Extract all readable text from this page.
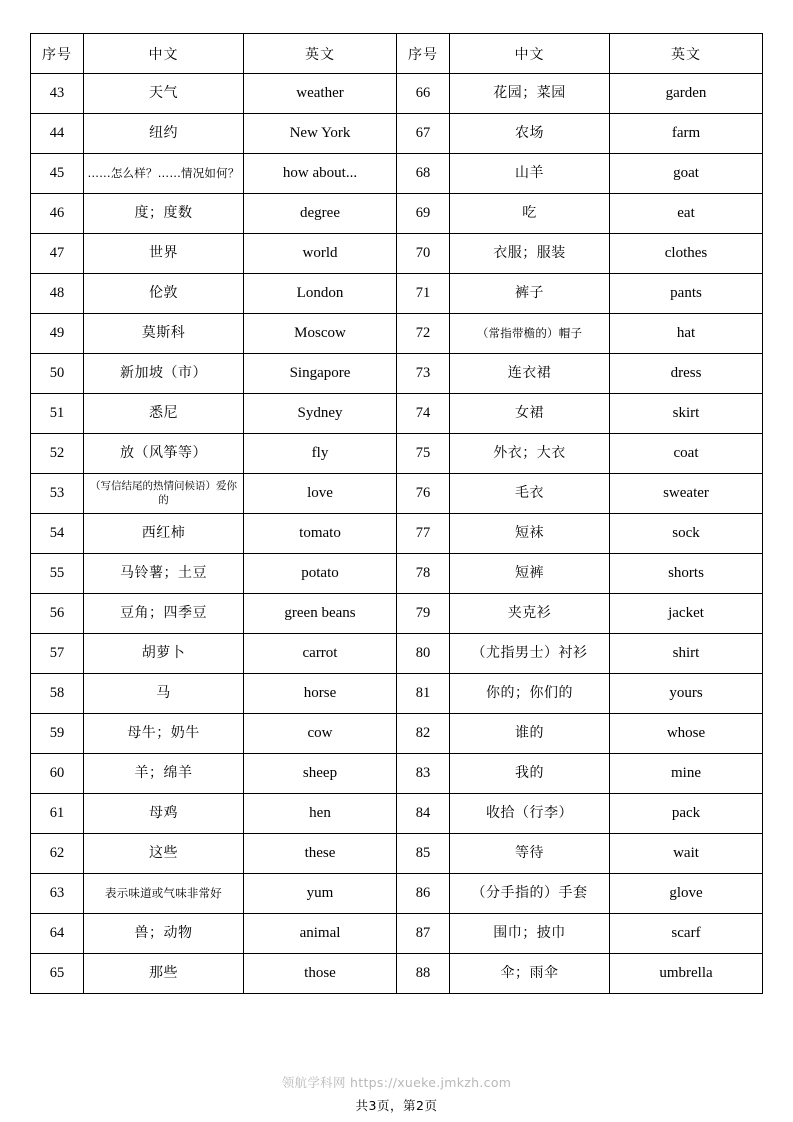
序号	中文	英文	序号	中文	英文
43	天气	weather	66	花园；菜园	garden
44	纽约	New York	67	农场	farm
45	……怎么样？……情况如何？	how about...	68	山羊	goat
46	度；度数	degree	69	吃	eat
47	世界	world	70	衣服；服装	clothes
48	伦敦	London	71	裤子	pants
49	莫斯科	Moscow	72	（常指带檐的）帽子	hat
50	新加坡（市）	Singapore	73	连衣裙	dress
51	悉尼	Sydney	74	女裙	skirt
52	放（风筝等）	fly	75	外衣；大衣	coat
53	（写信结尾的热情问候语）爱你的	love	76	毛衣	sweater
54	西红柿	tomato	77	短袜	sock
55	马铃薯；土豆	potato	78	短裤	shorts
56	豆角；四季豆	green beans	79	夹克衫	jacket
57	胡萝卜	carrot	80	（尤指男士）衬衫	shirt
58	马	horse	81	你的；你们的	yours
59	母牛；奶牛	cow	82	谁的	whose
60	羊；绵羊	sheep	83	我的	mine
61	母鸡	hen	84	收拾（行李）	pack
62	这些	these	85	等待	wait
63	表示味道或气味非常好	yum	86	（分手指的）手套	glove
64	兽；动物	animal	87	围巾；披巾	scarf
65	那些	those	88	伞；雨伞	umbrella
领航学科网 https://xueke.jmkzh.com
共3页，第2页
